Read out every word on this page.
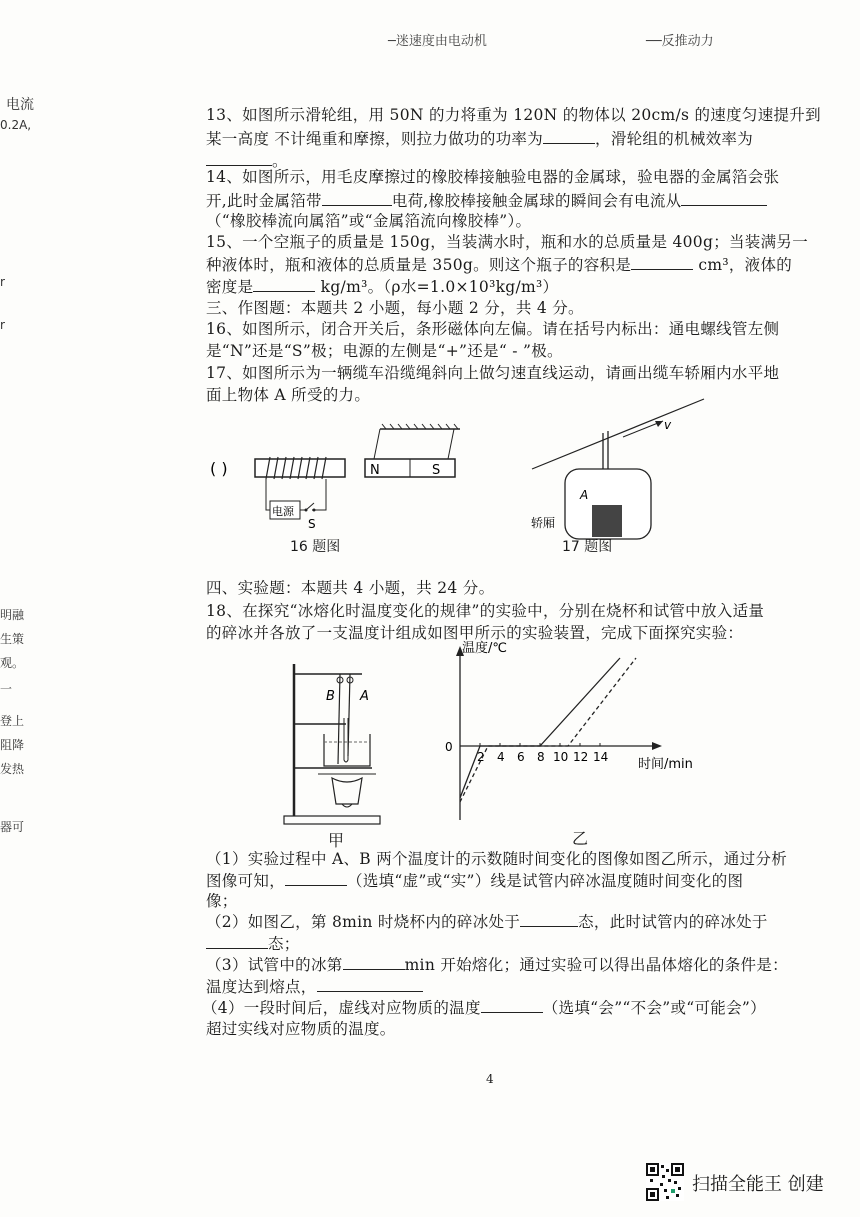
─迷速度由电动机	──反推动力
电流
0.2A,
r
r
明融
生策
观。
一
登上
阻降
发热
器可
13、如图所示滑轮组，用 50N 的力将重为 120N 的物体以 20cm/s 的速度匀速提升到
某一高度 不计绳重和摩擦，则拉力做功的功率为	，滑轮组的机械效率为
。
14、如图所示，用毛皮摩擦过的橡胶棒接触验电器的金属球，验电器的金属箔会张
开,此时金属箔带	电荷,橡胶棒接触金属球的瞬间会有电流从
（“橡胶棒流向属箔”或“金属箔流向橡胶棒”）。
15、一个空瓶子的质量是 150g，当装满水时，瓶和水的总质量是 400g；当装满另一
种液体时，瓶和液体的总质量是 350g。则这个瓶子的容积是	cm³，液体的
密度是	kg/m³。（ρ水=1.0×10³kg/m³）
三、作图题：本题共 2 小题，每小题 2 分，共 4 分。
16、如图所示，闭合开关后，条形磁体向左偏。请在括号内标出：通电螺线管左侧
是“N”还是“S”极；电源的左侧是“+”还是“ - ”极。
17、如图所示为一辆缆车沿缆绳斜向上做匀速直线运动，请画出缆车轿厢内水平地
面上物体 A 所受的力。
N	S
( )
电源
S
16 题图
v
A
轿厢
17 题图
四、实验题：本题共 4 小题，共 24 分。
18、在探究“冰熔化时温度变化的规律”的实验中，分别在烧杯和试管中放入适量
的碎冰并各放了一支温度计组成如图甲所示的实验装置，完成下面探究实验：
B A
甲
温度/℃
时间/min
0
2 4 6 8 10 12 14
乙
（1）实验过程中 A、B 两个温度计的示数随时间变化的图像如图乙所示，通过分析
图像可知，	（选填“虚”或“实”）线是试管内碎冰温度随时间变化的图
像；
（2）如图乙，第 8min 时烧杯内的碎冰处于	态，此时试管内的碎冰处于
态；
（3）试管中的冰第	min 开始熔化；通过实验可以得出晶体熔化的条件是：
温度达到熔点，
（4）一段时间后，虚线对应物质的温度	（选填“会”“不会”或“可能会”）
超过实线对应物质的温度。
4
扫描全能王 创建
